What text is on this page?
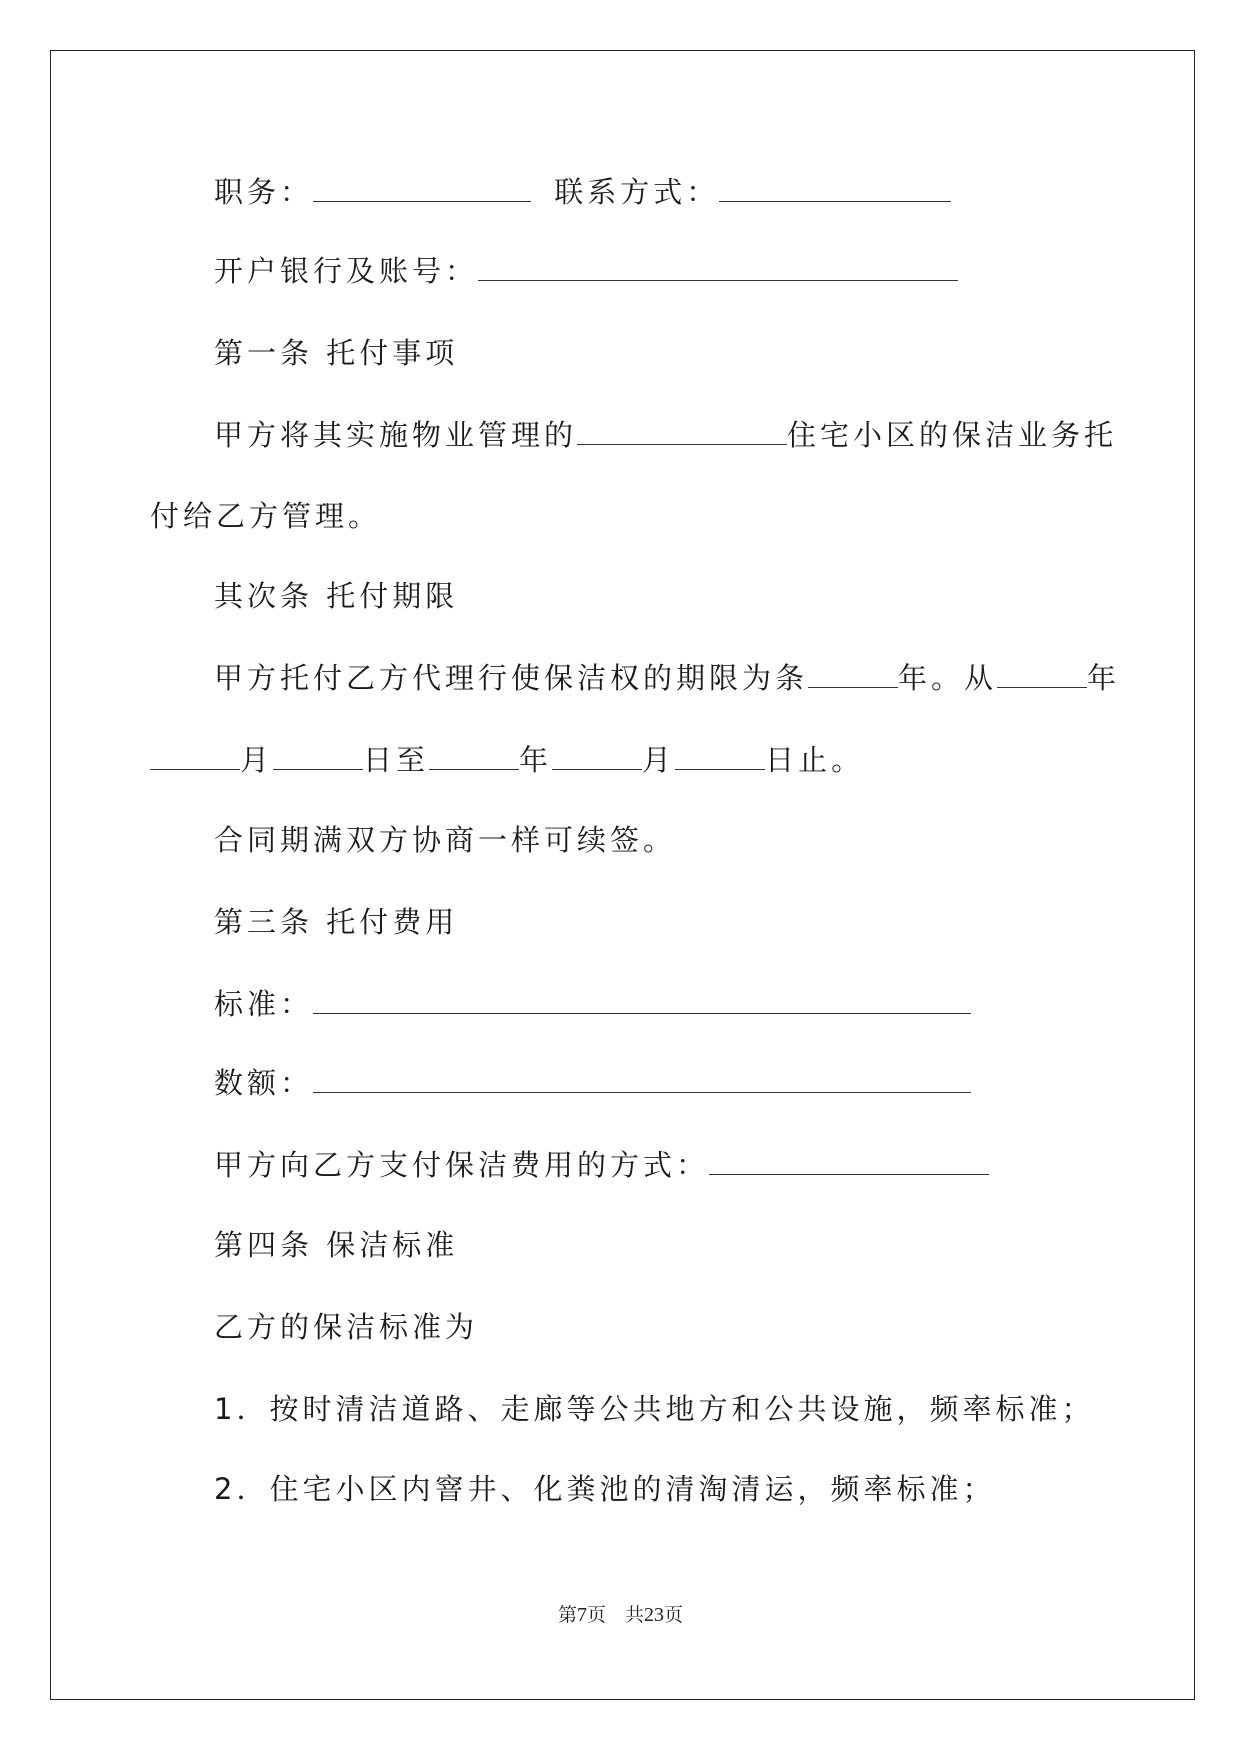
职务：	联系方式：
开户银行及账号：
第一条 托付事项
甲方将其实施物业管理的	住宅小区的保洁业务托
付给乙方管理。
其次条 托付期限
甲方托付乙方代理行使保洁权的期限为条	年。从	年
月	日至	年	月	日止。
合同期满双方协商一样可续签。
第三条 托付费用
标准：
数额：
甲方向乙方支付保洁费用的方式：
第四条 保洁标准
乙方的保洁标准为
1．按时清洁道路、走廊等公共地方和公共设施，频率标准；
2．住宅小区内窨井、化粪池的清淘清运，频率标准；
第7页　共23页
